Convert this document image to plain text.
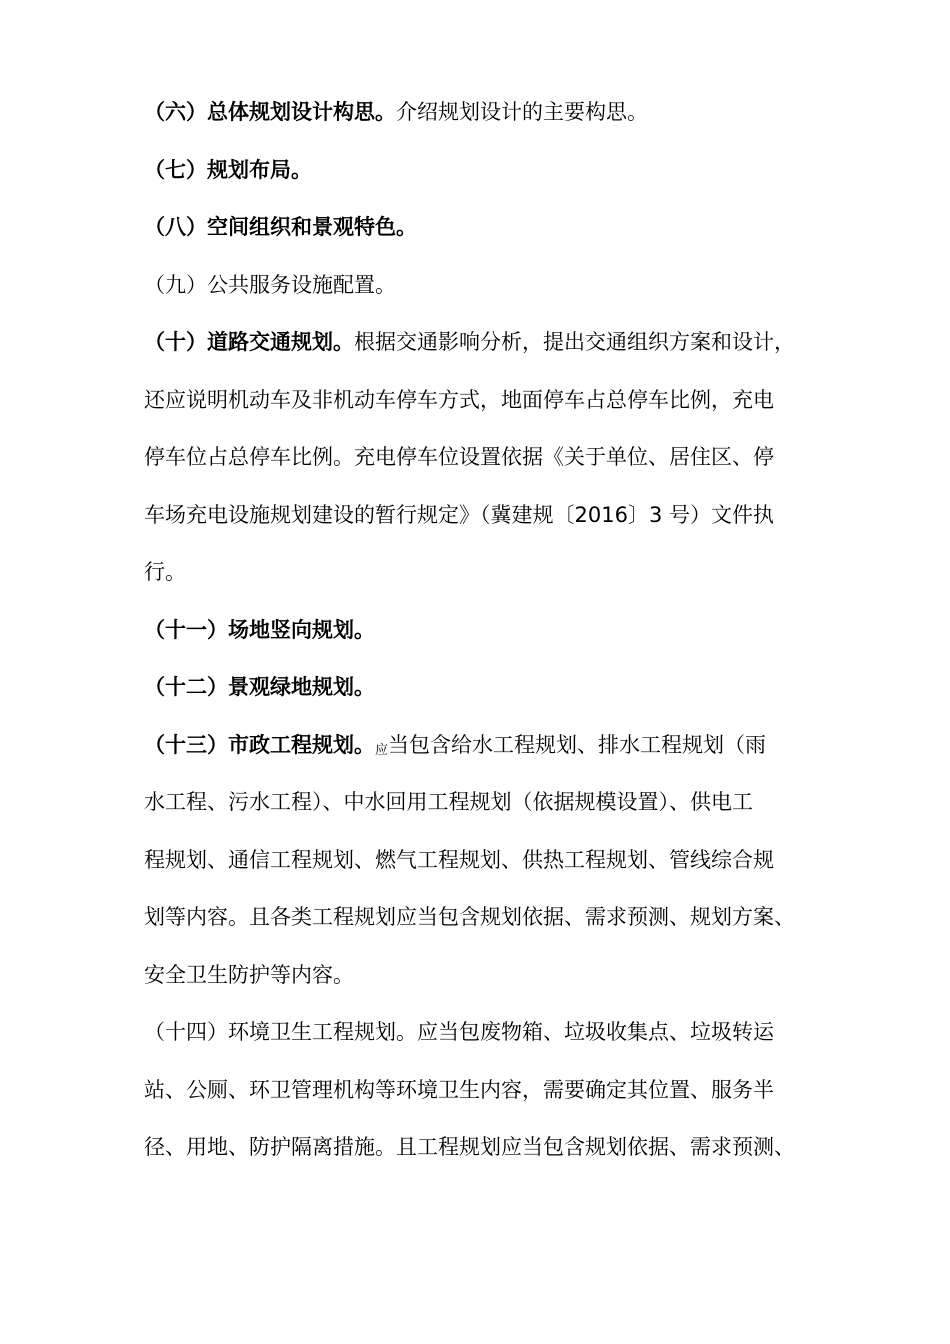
（六）总体规划设计构思。介绍规划设计的主要构思。

（七）规划布局。

（八）空间组织和景观特色。

（九）公共服务设施配置。

（十）道路交通规划。根据交通影响分析，提出交通组织方案和设计，
还应说明机动车及非机动车停车方式，地面停车占总停车比例，充电
停车位占总停车比例。充电停车位设置依据《关于单位、居住区、停
车场充电设施规划建设的暂行规定》（冀建规〔2016〕3 号）文件执
行。

（十一）场地竖向规划。

（十二）景观绿地规划。

（十三）市政工程规划。应当包含给水工程规划、排水工程规划（雨
水工程、污水工程）、中水回用工程规划（依据规模设置）、供电工
程规划、通信工程规划、燃气工程规划、供热工程规划、管线综合规
划等内容。且各类工程规划应当包含规划依据、需求预测、规划方案、
安全卫生防护等内容。

（十四）环境卫生工程规划。应当包废物箱、垃圾收集点、垃圾转运
站、公厕、环卫管理机构等环境卫生内容，需要确定其位置、服务半
径、用地、防护隔离措施。且工程规划应当包含规划依据、需求预测、
